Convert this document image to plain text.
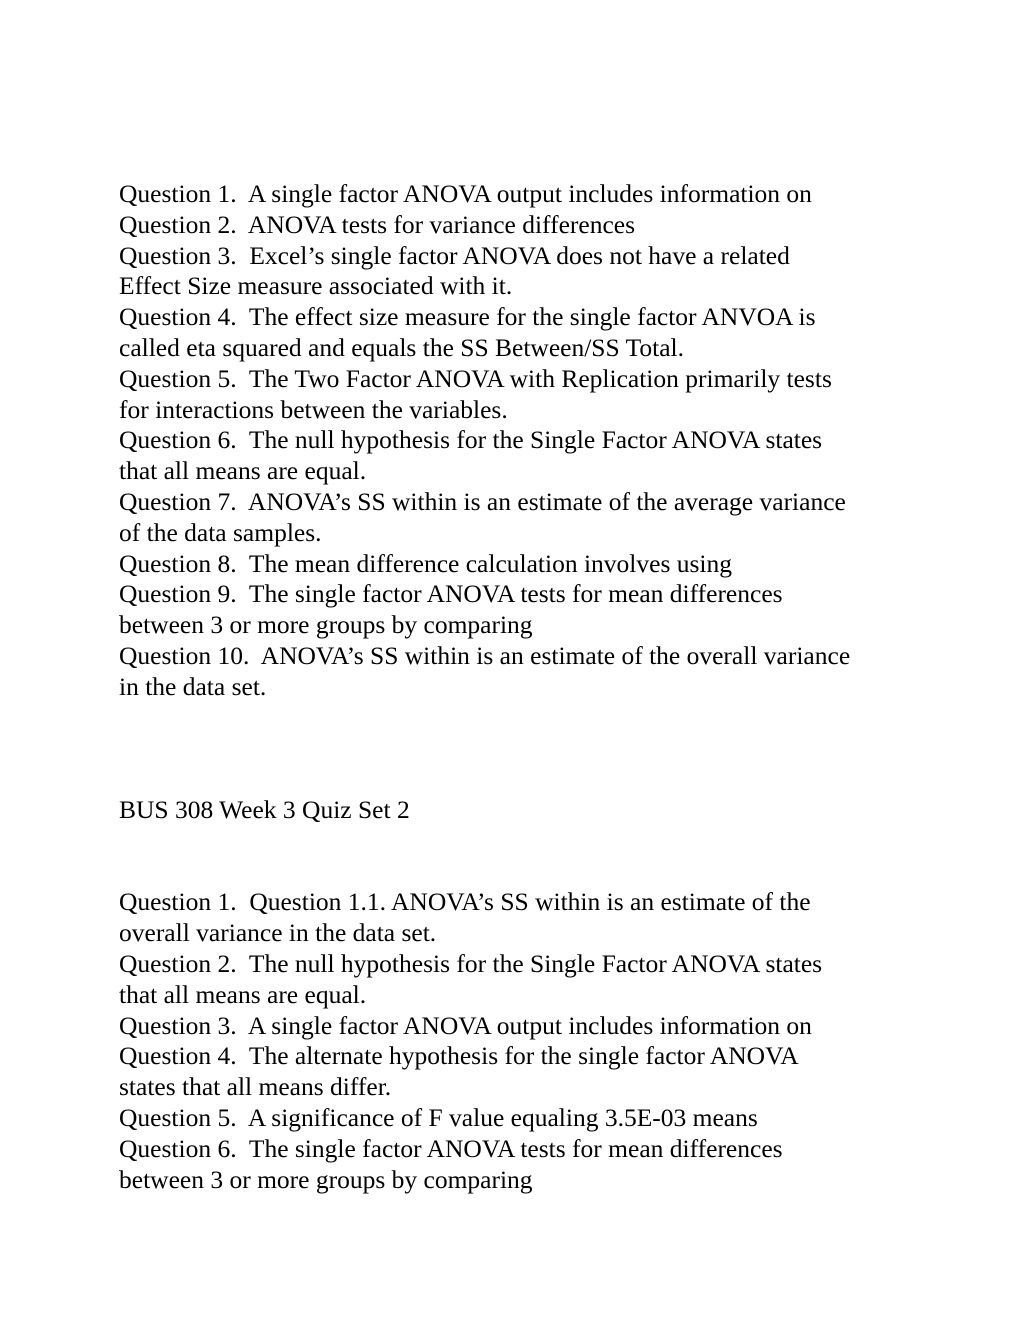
Question 1.  A single factor ANOVA output includes information on
Question 2.  ANOVA tests for variance differences
Question 3.  Excel’s single factor ANOVA does not have a related
Effect Size measure associated with it.
Question 4.  The effect size measure for the single factor ANVOA is
called eta squared and equals the SS Between/SS Total.
Question 5.  The Two Factor ANOVA with Replication primarily tests
for interactions between the variables.
Question 6.  The null hypothesis for the Single Factor ANOVA states
that all means are equal.
Question 7.  ANOVA’s SS within is an estimate of the average variance
of the data samples.
Question 8.  The mean difference calculation involves using
Question 9.  The single factor ANOVA tests for mean differences
between 3 or more groups by comparing
Question 10.  ANOVA’s SS within is an estimate of the overall variance
in the data set.
BUS 308 Week 3 Quiz Set 2
Question 1.  Question 1.1. ANOVA’s SS within is an estimate of the
overall variance in the data set.
Question 2.  The null hypothesis for the Single Factor ANOVA states
that all means are equal.
Question 3.  A single factor ANOVA output includes information on
Question 4.  The alternate hypothesis for the single factor ANOVA
states that all means differ.
Question 5.  A significance of F value equaling 3.5E-03 means
Question 6.  The single factor ANOVA tests for mean differences
between 3 or more groups by comparing
